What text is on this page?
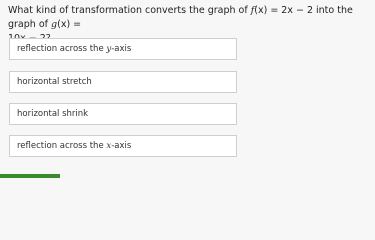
What kind of transformation converts the graph of f(x) = 2x − 2 into the graph of g(x) =

reflection across the y-axis
horizontal stretch
horizontal shrink
reflection across the x-axis
